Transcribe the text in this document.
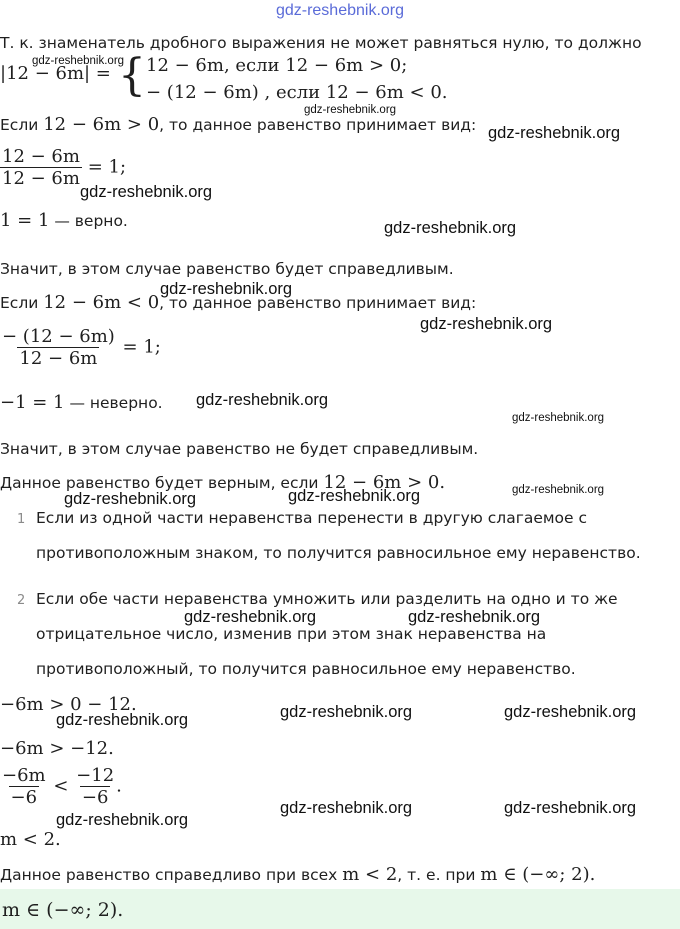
gdz-reshebnik.org
Т. к. знаменатель дробного выражения не может равняться нулю, то должно
|12 − 6m| = { 12 − 6m, если 12 − 6m > 0;
− (12 − 6m) , если 12 − 6m < 0.
Если 12 − 6m > 0, то данное равенство принимает вид:
$\frac{12 - 6m}{12 - 6m} = 1$;
1 = 1 — верно.
Значит, в этом случае равенство будет справедливым.
Если 12 − 6m < 0, то данное равенство принимает вид:
$\frac{- (12 - 6m)}{12 - 6m} = 1$;
−1 = 1 — неверно.
Значит, в этом случае равенство не будет справедливым.
Данное равенство будет верным, если 12 − 6m > 0.
1 Если из одной части неравенства перенести в другую слагаемое с
противоположным знаком, то получится равносильное ему неравенство.
2 Если обе части неравенства умножить или разделить на одно и то же
отрицательное число, изменив при этом знак неравенства на
противоположный, то получится равносильное ему неравенство.
−6m > 0 − 12.
−6m > −12.
$\frac{-6m}{-6} < \frac{-12}{-6}$ .
m < 2.
Данное равенство справедливо при всех m < 2, т. е. при m ∈ (−∞; 2).
m ∈ (−∞; 2).
gdz-reshebnik.org
gdz-reshebnik.org
gdz-reshebnik.org
gdz-reshebnik.org
gdz-reshebnik.org
gdz-reshebnik.org
gdz-reshebnik.org
gdz-reshebnik.org
gdz-reshebnik.org
gdz-reshebnik.org
gdz-reshebnik.org	gdz-reshebnik.org
gdz-reshebnik.org	gdz-reshebnik.org
gdz-reshebnik.org	gdz-reshebnik.org	gdz-reshebnik.org
gdz-reshebnik.org	gdz-reshebnik.org
gdz-reshebnik.org
